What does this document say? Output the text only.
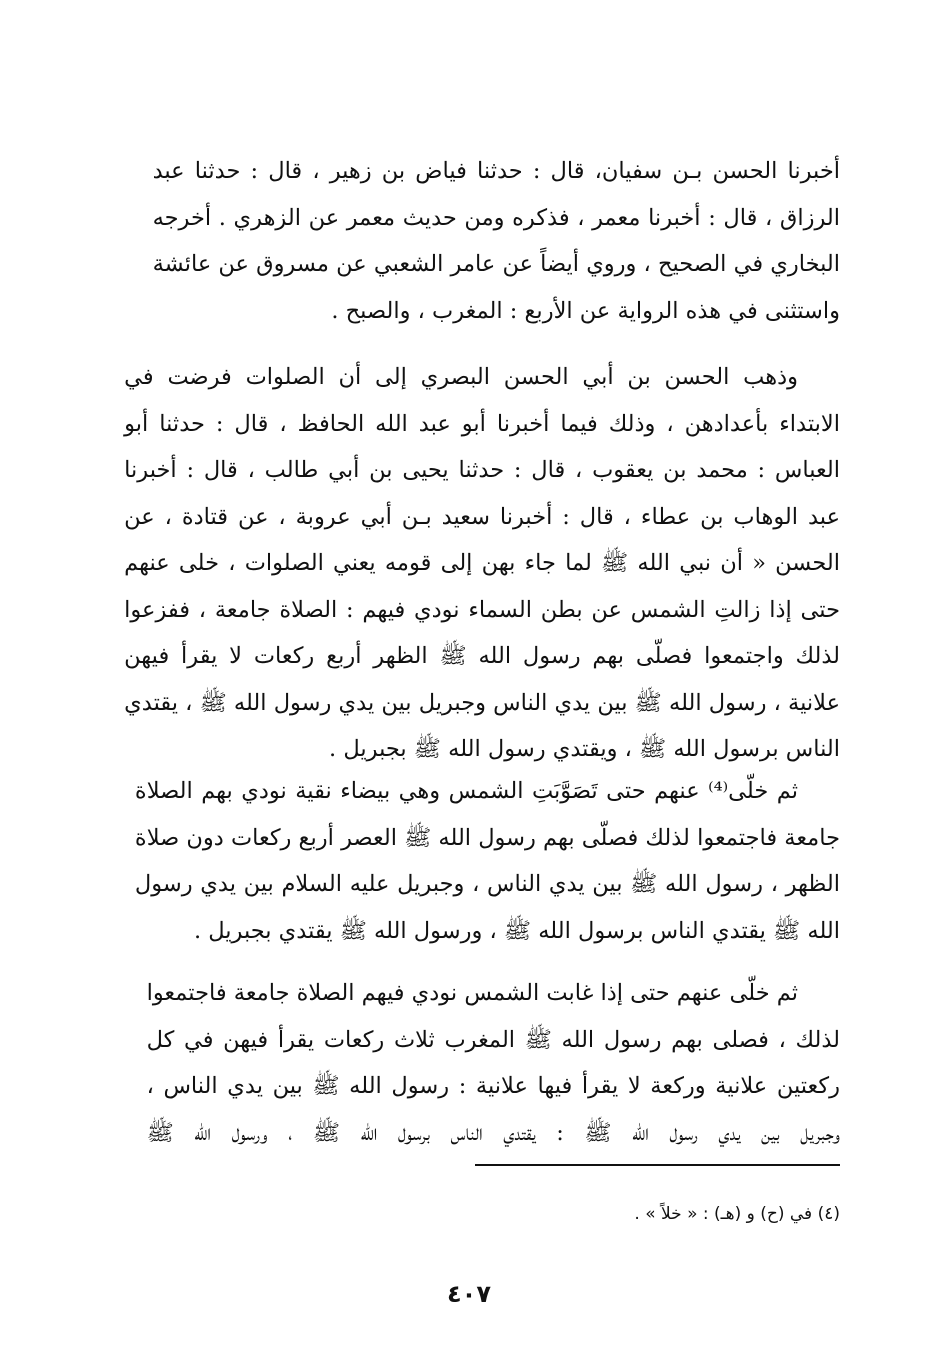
أخبرنا الحسن بـن سفيان، قال : حدثنا فياض بن زهير ، قال : حدثنا عبد
الرزاق ، قال : أخبرنا معمر ، فذكره ومن حديث معمر عن الزهري . أخرجه
البخاري في الصحيح ، وروي أيضاً عن عامر الشعبي عن مسروق عن عائشة
واستثنى في هذه الرواية عن الأربع : المغرب ، والصبح .

وذهب الحسن بن أبي الحسن البصري إلى أن الصلوات فرضت في
الابتداء بأعدادهن ، وذلك فيما أخبرنا أبو عبد الله الحافظ ، قال : حدثنا أبو
العباس : محمد بن يعقوب ، قال : حدثنا يحيى بن أبي طالب ، قال : أخبرنا
عبد الوهاب بن عطاء ، قال : أخبرنا سعيد بـن أبي عروبة ، عن قتادة ، عن
الحسن « أن نبي الله ﷺ لما جاء بهن إلى قومه يعني الصلوات ، خلى عنهم
حتى إذا زالتِ الشمس عن بطن السماء نودي فيهم : الصلاة جامعة ، ففزعوا
لذلك واجتمعوا فصلّى بهم رسول الله ﷺ الظهر أربع ركعات لا يقرأ فيهن
علانية ، رسول الله ﷺ بين يدي الناس وجبريل بين يدي رسول الله ﷺ ، يقتدي
الناس برسول الله ﷺ ، ويقتدي رسول الله ﷺ بجبريل .

ثم خلّى⁽⁴⁾ عنهم حتى تَصَوَّبَتِ الشمس وهي بيضاء نقية نودي بهم الصلاة
جامعة فاجتمعوا لذلك فصلّى بهم رسول الله ﷺ العصر أربع ركعات دون صلاة
الظهر ، رسول الله ﷺ بين يدي الناس ، وجبريل عليه السلام بين يدي رسول
الله ﷺ يقتدي الناس برسول الله ﷺ ، ورسول الله ﷺ يقتدي بجبريل .

ثم خلّى عنهم حتى إذا غابت الشمس نودي فيهم الصلاة جامعة فاجتمعوا
لذلك ، فصلى بهم رسول الله ﷺ المغرب ثلاث ركعات يقرأ فيهن في كل
ركعتين علانية وركعة لا يقرأ فيها علانية : رسول الله ﷺ بين يدي الناس ،
وجبريل بين يدي رسول الله ﷺ : يقتدي الناس برسول الله ﷺ ، ورسول الله ﷺ

(٤) في (ح) و (هـ) : « خلاً » .
٤٠٧
